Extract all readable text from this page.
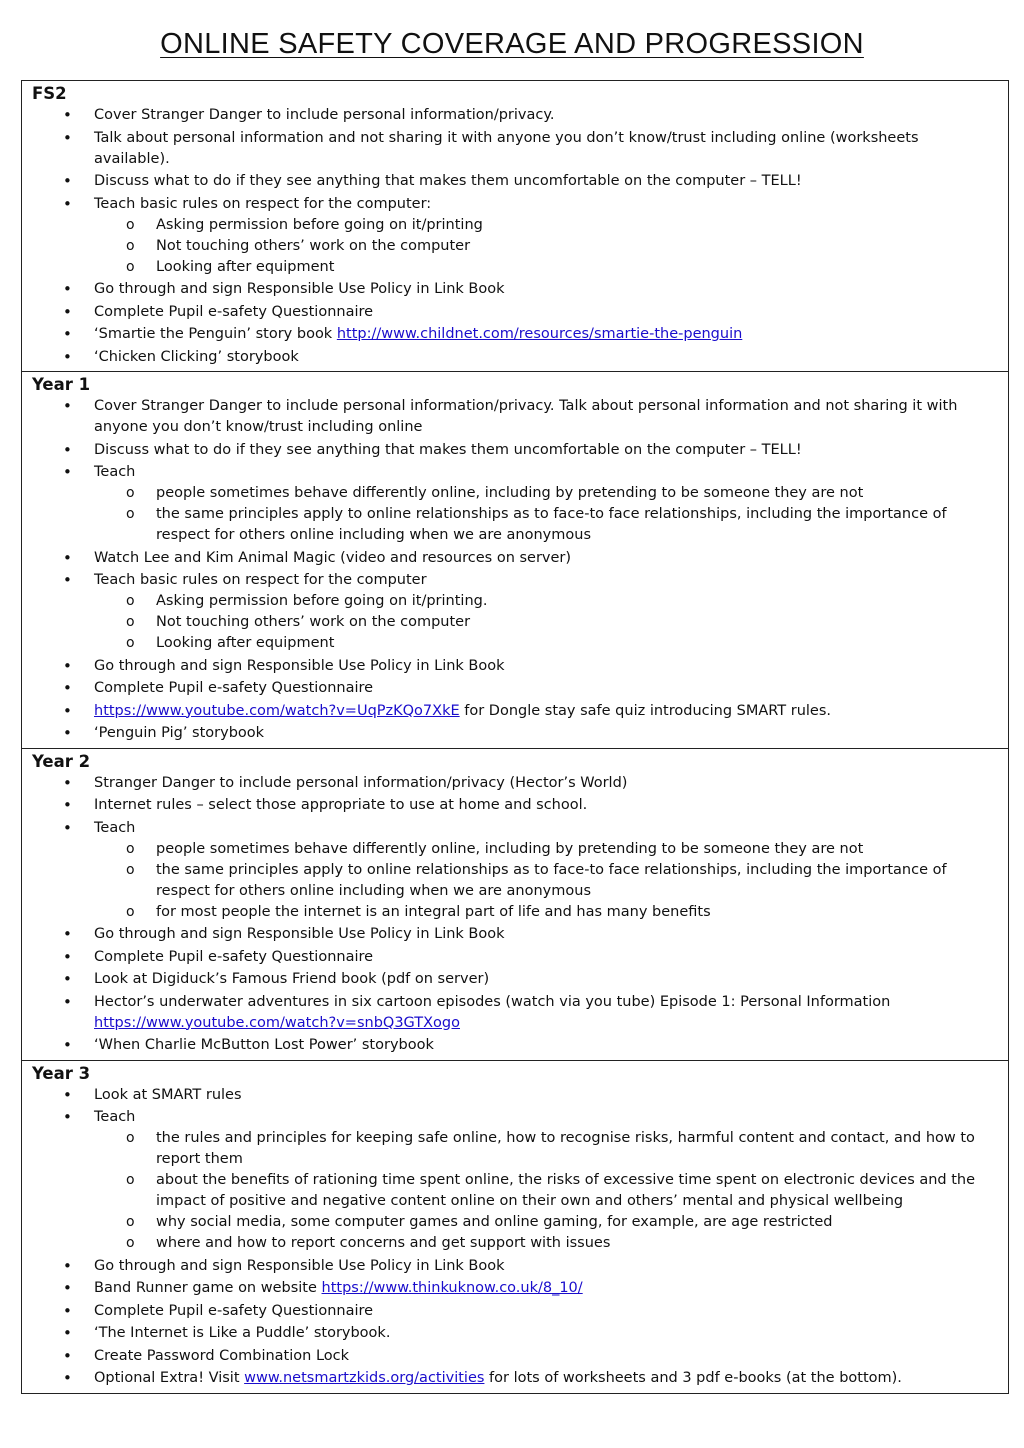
ONLINE SAFETY COVERAGE AND PROGRESSION
FS2
• Cover Stranger Danger to include personal information/privacy.
• Talk about personal information and not sharing it with anyone you don’t know/trust including online (worksheets available).
• Discuss what to do if they see anything that makes them uncomfortable on the computer – TELL!
• Teach basic rules on respect for the computer:
o Asking permission before going on it/printing
o Not touching others’ work on the computer
o Looking after equipment
• Go through and sign Responsible Use Policy in Link Book
• Complete Pupil e-safety Questionnaire
• ‘Smartie the Penguin’ story book http://www.childnet.com/resources/smartie-the-penguin
• ‘Chicken Clicking’ storybook
Year 1
• Cover Stranger Danger to include personal information/privacy. Talk about personal information and not sharing it with anyone you don’t know/trust including online
• Discuss what to do if they see anything that makes them uncomfortable on the computer – TELL!
• Teach
o people sometimes behave differently online, including by pretending to be someone they are not
o the same principles apply to online relationships as to face-to face relationships, including the importance of respect for others online including when we are anonymous
• Watch Lee and Kim Animal Magic (video and resources on server)
• Teach basic rules on respect for the computer
o Asking permission before going on it/printing.
o Not touching others’ work on the computer
o Looking after equipment
• Go through and sign Responsible Use Policy in Link Book
• Complete Pupil e-safety Questionnaire
• https://www.youtube.com/watch?v=UqPzKQo7XkE for Dongle stay safe quiz introducing SMART rules.
• ‘Penguin Pig’ storybook
Year 2
• Stranger Danger to include personal information/privacy (Hector’s World)
• Internet rules – select those appropriate to use at home and school.
• Teach
o people sometimes behave differently online, including by pretending to be someone they are not
o the same principles apply to online relationships as to face-to face relationships, including the importance of respect for others online including when we are anonymous
o for most people the internet is an integral part of life and has many benefits
• Go through and sign Responsible Use Policy in Link Book
• Complete Pupil e-safety Questionnaire
• Look at Digiduck’s Famous Friend book (pdf on server)
• Hector’s underwater adventures in six cartoon episodes (watch via you tube) Episode 1: Personal Information https://www.youtube.com/watch?v=snbQ3GTXogo
• ‘When Charlie McButton Lost Power’ storybook
Year 3
• Look at SMART rules
• Teach
o the rules and principles for keeping safe online, how to recognise risks, harmful content and contact, and how to report them
o about the benefits of rationing time spent online, the risks of excessive time spent on electronic devices and the impact of positive and negative content online on their own and others’ mental and physical wellbeing
o why social media, some computer games and online gaming, for example, are age restricted
o where and how to report concerns and get support with issues
• Go through and sign Responsible Use Policy in Link Book
• Band Runner game on website https://www.thinkuknow.co.uk/8_10/
• Complete Pupil e-safety Questionnaire
• ‘The Internet is Like a Puddle’ storybook.
• Create Password Combination Lock
• Optional Extra! Visit www.netsmartzkids.org/activities for lots of worksheets and 3 pdf e-books (at the bottom).
